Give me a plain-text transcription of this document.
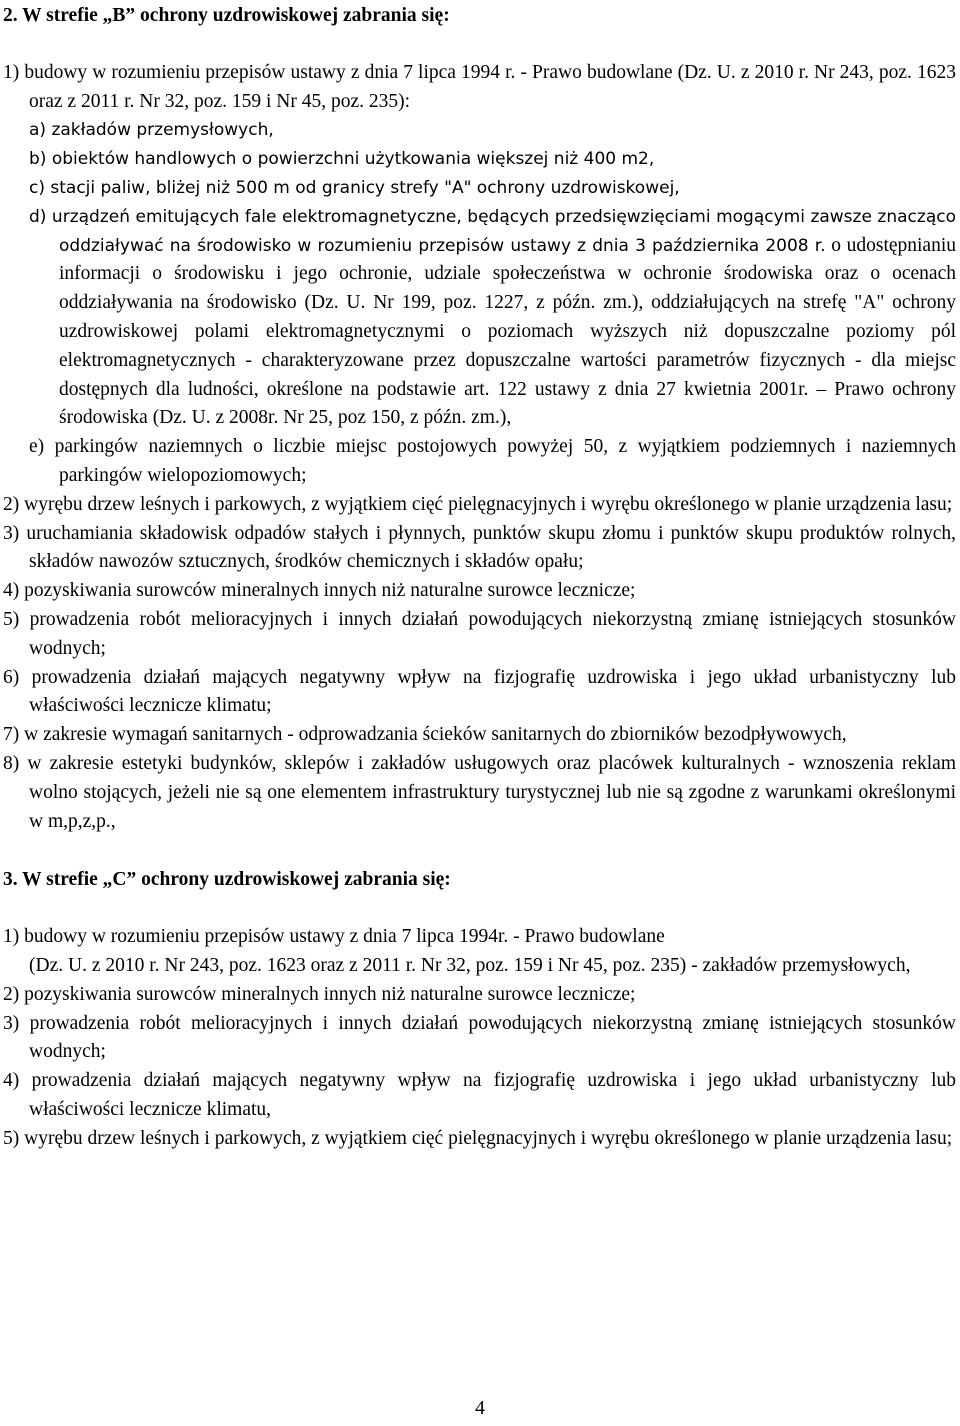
2. W strefie „B” ochrony uzdrowiskowej zabrania się:

1) budowy w rozumieniu przepisów ustawy z dnia 7 lipca 1994 r. - Prawo budowlane (Dz. U. z 2010 r. Nr 243, poz. 1623 oraz z 2011 r. Nr 32, poz. 159 i Nr 45, poz. 235):

a) zakładów przemysłowych,

b) obiektów handlowych o powierzchni użytkowania większej niż 400 m2,

c) stacji paliw, bliżej niż 500 m od granicy strefy "A" ochrony uzdrowiskowej,

d) urządzeń emitujących fale elektromagnetyczne, będących przedsięwzięciami mogącymi zawsze znacząco oddziaływać na środowisko w rozumieniu przepisów ustawy z dnia 3 października 2008 r. o udostępnianiu informacji o środowisku i jego ochronie, udziale społeczeństwa w ochronie środowiska oraz o ocenach oddziaływania na środowisko (Dz. U. Nr 199, poz. 1227, z późn. zm.), oddziałujących na strefę "A" ochrony uzdrowiskowej polami elektromagnetycznymi o poziomach wyższych niż dopuszczalne poziomy pól elektromagnetycznych - charakteryzowane przez dopuszczalne wartości parametrów fizycznych - dla miejsc dostępnych dla ludności, określone na podstawie art. 122 ustawy z dnia 27 kwietnia 2001r. – Prawo ochrony środowiska (Dz. U. z 2008r. Nr 25, poz 150, z późn. zm.),

e) parkingów naziemnych o liczbie miejsc postojowych powyżej 50, z wyjątkiem podziemnych i naziemnych parkingów wielopoziomowych;

2) wyrębu drzew leśnych i parkowych, z wyjątkiem cięć pielęgnacyjnych i wyrębu określonego w planie urządzenia lasu;

3) uruchamiania składowisk odpadów stałych i płynnych, punktów skupu złomu i punktów skupu produktów rolnych, składów nawozów sztucznych, środków chemicznych i składów opału;

4) pozyskiwania surowców mineralnych innych niż naturalne surowce lecznicze;

5) prowadzenia robót melioracyjnych i innych działań powodujących niekorzystną zmianę istniejących stosunków wodnych;

6) prowadzenia działań mających negatywny wpływ na fizjografię uzdrowiska i jego układ urbanistyczny lub właściwości lecznicze klimatu;

7) w zakresie wymagań sanitarnych - odprowadzania ścieków sanitarnych do zbiorników bezodpływowych,

8) w zakresie estetyki budynków, sklepów i zakładów usługowych oraz placówek kulturalnych - wznoszenia reklam wolno stojących, jeżeli nie są one elementem infrastruktury turystycznej lub nie są zgodne z warunkami określonymi w m,p,z,p.,

3. W strefie „C” ochrony uzdrowiskowej zabrania się:

1) budowy w rozumieniu przepisów ustawy z dnia 7 lipca 1994r. - Prawo budowlane

(Dz. U. z 2010 r. Nr 243, poz. 1623 oraz z 2011 r. Nr 32, poz. 159 i Nr 45, poz. 235) - zakładów przemysłowych,

2) pozyskiwania surowców mineralnych innych niż naturalne surowce lecznicze;

3) prowadzenia robót melioracyjnych i innych działań powodujących niekorzystną zmianę istniejących stosunków wodnych;

4) prowadzenia działań mających negatywny wpływ na fizjografię uzdrowiska i jego układ urbanistyczny lub właściwości lecznicze klimatu,

5) wyrębu drzew leśnych i parkowych, z wyjątkiem cięć pielęgnacyjnych i wyrębu określonego w planie urządzenia lasu;

4
